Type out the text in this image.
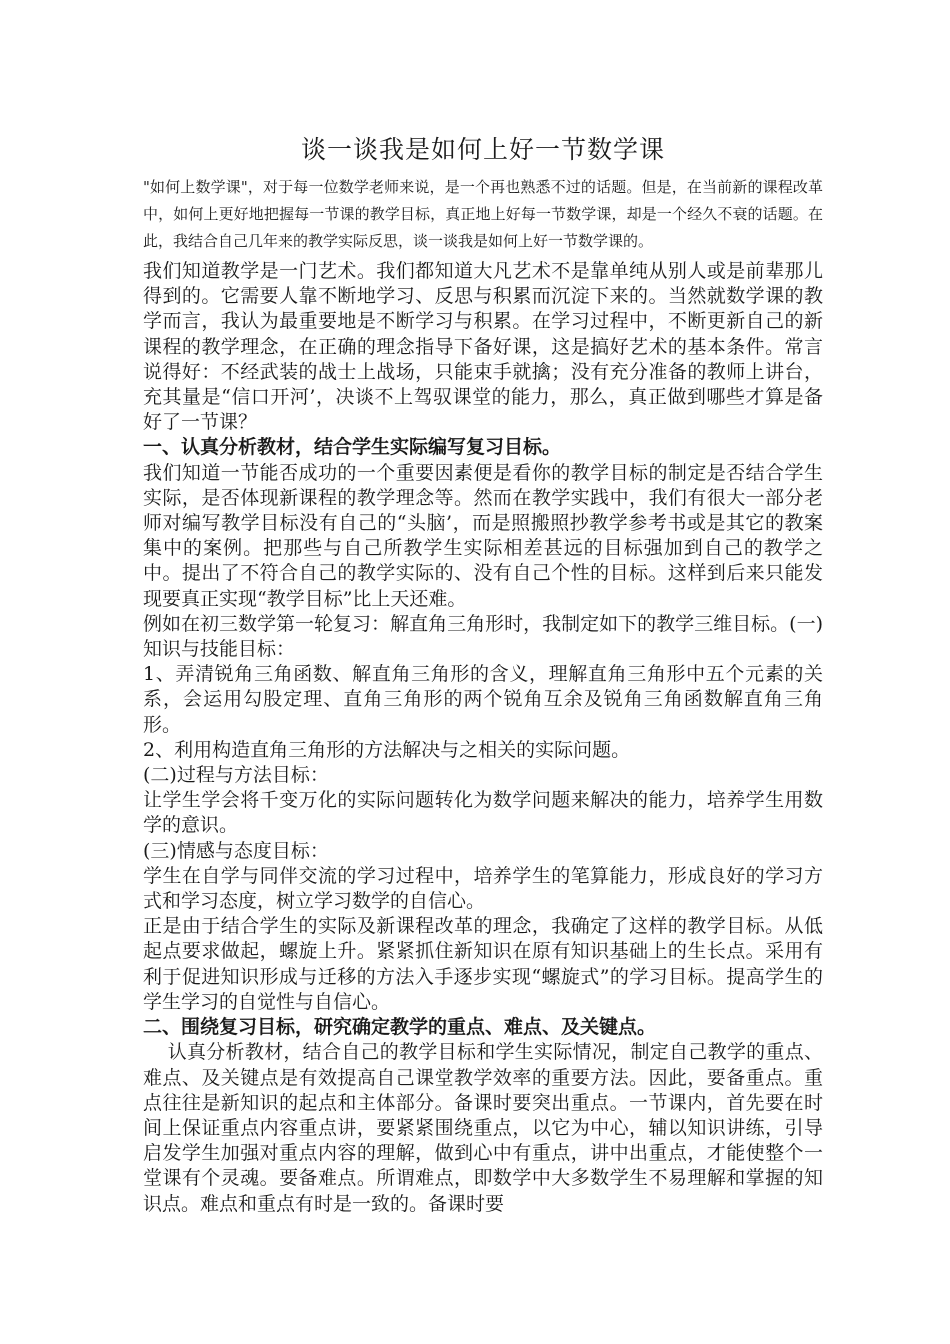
谈一谈我是如何上好一节数学课

"如何上数学课"，对于每一位数学老师来说，是一个再也熟悉不过的话题。但是，在当前新的课程改革中，如何上更好地把握每一节课的教学目标，真正地上好每一节数学课，却是一个经久不衰的话题。在此，我结合自己几年来的教学实际反思，谈一谈我是如何上好一节数学课的。

我们知道教学是一门艺术。我们都知道大凡艺术不是靠单纯从别人或是前辈那儿得到的。它需要人靠不断地学习、反思与积累而沉淀下来的。当然就数学课的教学而言，我认为最重要地是不断学习与积累。在学习过程中，不断更新自己的新课程的教学理念，在正确的理念指导下备好课，这是搞好艺术的基本条件。常言说得好：不经武装的战士上战场，只能束手就擒；没有充分准备的教师上讲台，充其量是“信口开河’，决谈不上驾驭课堂的能力，那么，真正做到哪些才算是备好了一节课？

一、认真分析教材，结合学生实际编写复习目标。

我们知道一节能否成功的一个重要因素便是看你的教学目标的制定是否结合学生实际，是否体现新课程的教学理念等。然而在教学实践中，我们有很大一部分老师对编写教学目标没有自己的“头脑’，而是照搬照抄教学参考书或是其它的教案集中的案例。把那些与自己所教学生实际相差甚远的目标强加到自己的教学之中。提出了不符合自己的教学实际的、没有自己个性的目标。这样到后来只能发现要真正实现“教学目标”比上天还难。

例如在初三数学第一轮复习：解直角三角形时，我制定如下的教学三维目标。(一)知识与技能目标：

1、弄清锐角三角函数、解直角三角形的含义，理解直角三角形中五个元素的关系，会运用勾股定理、直角三角形的两个锐角互余及锐角三角函数解直角三角形。

2、利用构造直角三角形的方法解决与之相关的实际问题。

(二)过程与方法目标：

让学生学会将千变万化的实际问题转化为数学问题来解决的能力，培养学生用数学的意识。

(三)情感与态度目标：

学生在自学与同伴交流的学习过程中，培养学生的笔算能力，形成良好的学习方式和学习态度，树立学习数学的自信心。

正是由于结合学生的实际及新课程改革的理念，我确定了这样的教学目标。从低起点要求做起，螺旋上升。紧紧抓住新知识在原有知识基础上的生长点。采用有利于促进知识形成与迁移的方法入手逐步实现“螺旋式”的学习目标。提高学生的学生学习的自觉性与自信心。

二、围绕复习目标，研究确定教学的重点、难点、及关键点。

认真分析教材，结合自己的教学目标和学生实际情况，制定自己教学的重点、难点、及关键点是有效提高自己课堂教学效率的重要方法。因此，要备重点。重点往往是新知识的起点和主体部分。备课时要突出重点。一节课内，首先要在时间上保证重点内容重点讲，要紧紧围绕重点，以它为中心，辅以知识讲练，引导启发学生加强对重点内容的理解，做到心中有重点，讲中出重点，才能使整个一堂课有个灵魂。要备难点。所谓难点，即数学中大多数学生不易理解和掌握的知识点。难点和重点有时是一致的。备课时要
